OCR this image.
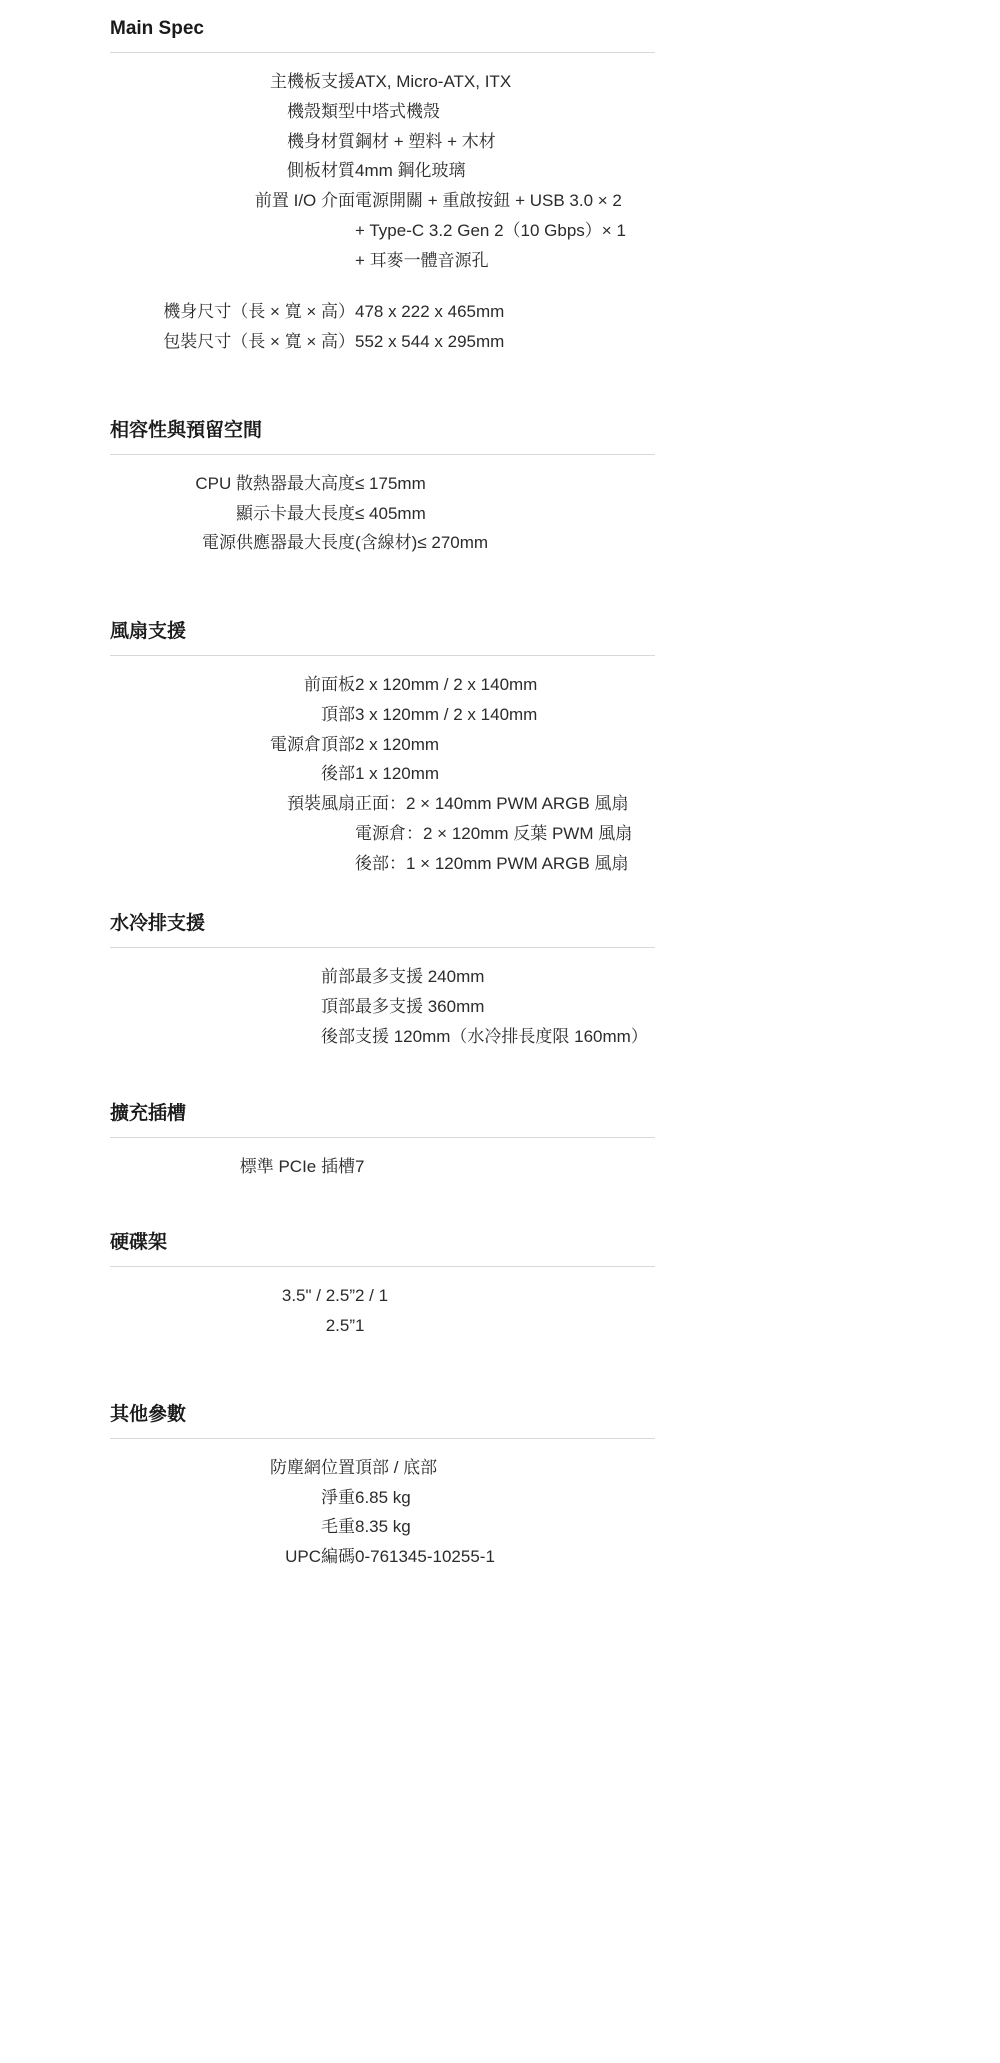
Main Spec
主機板支援	ATX, Micro-ATX, ITX

機殼類型	中塔式機殼

機身材質	鋼材 + 塑料 + 木材

側板材質	4mm 鋼化玻璃

前置 I/O 介面	電源開關 + 重啟按鈕 + USB 3.0 × 2
+ Type-C 3.2 Gen 2（10 Gbps）× 1
+ 耳麥一體音源孔

機身尺寸（長 × 寬 × 高）	478 x 222 x 465mm

包裝尺寸（長 × 寬 × 高）	552 x 544 x 295mm
相容性與預留空間
CPU 散熱器最大高度	≤ 175mm

顯示卡最大長度	≤ 405mm

電源供應器最大長度	(含線材)≤ 270mm
風扇支援
前面板	2 x 120mm / 2 x 140mm

頂部	3 x 120mm / 2 x 140mm

電源倉頂部	2 x 120mm

後部	1 x 120mm

預裝風扇	正面：2 × 140mm PWM ARGB 風扇
電源倉：2 × 120mm 反葉 PWM 風扇
後部：1 × 120mm PWM ARGB 風扇
水冷排支援
前部	最多支援 240mm

頂部	最多支援 360mm

後部	支援 120mm（水冷排長度限 160mm）
擴充插槽
標準 PCIe 插槽	7
硬碟架
3.5" / 2.5”	2 / 1

2.5”	1
其他參數
防塵網位置	頂部 / 底部

淨重	6.85 kg

毛重	8.35 kg

UPC編碼	0-761345-10255-1
